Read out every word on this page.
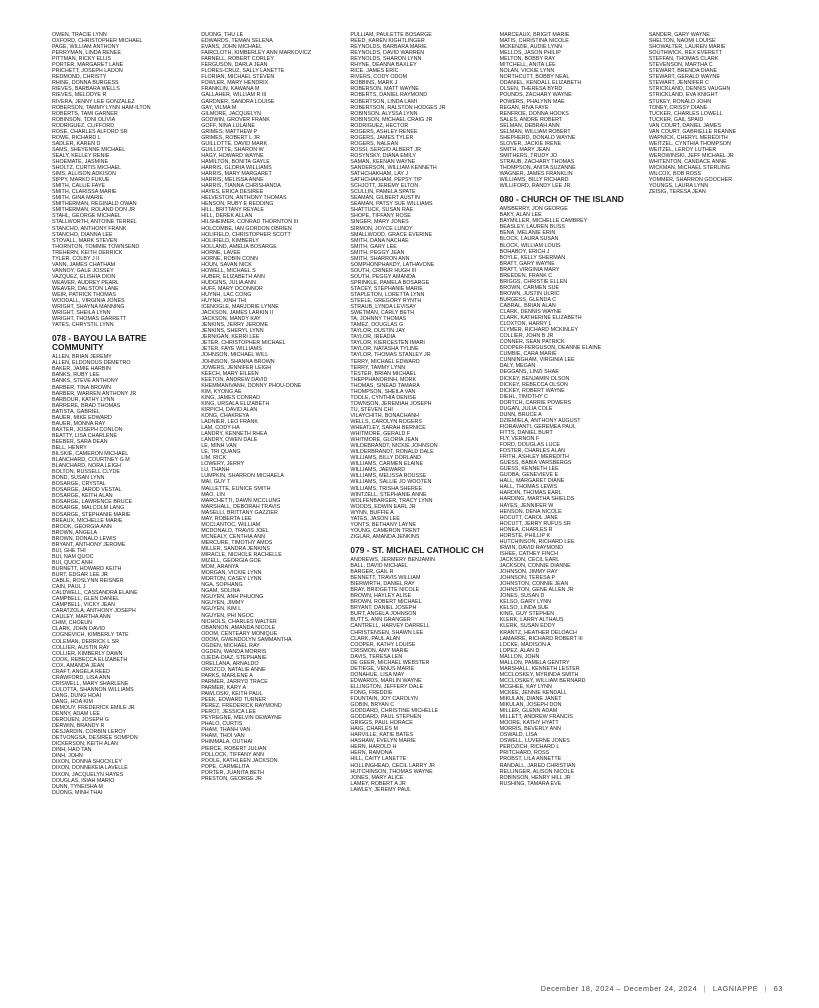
OWEN, TRACIE LYNN
OXFORD, CHRISTOPHER MICHAEL
PAGE, WILLIAM ANTHONY
PERRYMAN, LINDA RENEE
PITTMAN, RICKY ELLIS
PORTER, MARGARET LANE
PRICHETT, JOSEPH LADON
REDMOND, CHRISTY
RHINE, DONNA BURGESS
RIEVES, BARBARA WELLS
RIEVES, MELODYE R
RIVERA, JENNY LEE GONZALEZ
ROBERSON, TAMMY LYNN HAM-ILTON
ROBERTS, TAMI GARNER
ROBINSON, TONI OLIVIA
RODRIGUEZ, CLIFFORD
ROSE, CHARLES ALFORD SR
ROWE, RICHARD L
SADLER, KAREN D
SAMS, SHEYENNE MICHAEL
SEALY, KELLEY RENIE
SHOEMATE, JASMINE
SHOLTZ, CURTIS MICHAEL
SIMS, ALLISON ADKISON
SIPPY, MARKO FUKUE
SMITH, CALLIE FAYE
SMITH, CLARISSA MARIE
SMITH, GINA MARIE
SMITHERMAN, REGINALD OWAN
SMITHERMAN, ROLAND DON JR
STAHL, GEORGE MICHAEL
STALLWORTH, ANTOINE TERREL
STANCHO, ANTHONY FRANK
STANCHO, DIANNA LEE
STOVALL, MARK STEVEN
THORNTON, TOMMIE TOWNSEND
TREHERN, KEITH DERRICK
TYLER, COLBY J II
VANN, JAMES CHATHAM
VANNOY, GALE JOSSEY
VAZQUEZ, ELISHIA DION
WEAVER, AUDREY PEARL
WEAVER, DALSTON LANE
WEIR, PATRICK THOMAS
WOODALL, VIRGINIA JONES
WRIGHT, SHAYNA MANNING
WRIGHT, SHEILA LYNN
WRIGHT, THOMAS GARRETT
YATES, CHRYSTIL LYNN
078 - BAYOU LA BATRE COMMUNITY
ALLEN, BRIAN JEREMY
ALLEN, ELDONOUS DEMETRO
BAKER, JAMIE HARBIN
BANKS, RUBY LEE
BANKS, STEVE ANTHONY
BARBER, TINA BROWN
BARBER, WARREN ANTHONY JR
BARBOUR, KATHY LYNN
BARRERE, BRAD THOMAS
BATISTA, GABRIEL
BAUER, MIKE EDWARD
BAUER, MONNA RAY
BAXTER, JOSEPH CONLON
BEATTY, LISA CHARLENE
BEEBER, SARA DEAN
BELL, HENRY
BILSKIE, CAMERON MICHAEL
BLANCHARD, COURTNEY G M
BLANCHARD, NORA LEIGH
BOLTON, RUSSELL CLYDE
BOND, SUSAN LYNN
BOSARGE, CRYSTAL
BOSARGE, JAROD VESTAL
BOSARGE, KEITH ALAN
BOSARGE, LAWRENCE BRUCE
BOSARGE, MALCOLM LANG
BOSARGE, STEPHANIE MARIE
BREAUX, MICHELLE MARIE
BROOK, GEORGIA ANN
BROWN, ANGELA
BROWN, DONALD LEWIS
BRYANT, ANTHONY JEROME
BUI, GHE THI
BUI, NAM QUOC
BUI, QUOC ANH
BURNETT, HOWARD KEITH
BURT, EDGAR LEE JR
CABLE, ROSLYNN REISNER
CAIN, PAUL J
CALDWELL, CASSANDRA ELAINE
CAMPBELL, GLEN DANIEL
CAMPBELL, VICKY JEAN
CARATZOLA, ANTHONY JOSEPH
CAULEY, MARTHA ANN
CHIM, CHOEUN
CLARK, JOHN DAVID
COGNEVICH, KIMBERLY TATE
COLEMAN, DERRICK L SR
COLLIER, AUSTIN RAY
COLLIER, KIMBERLY DAWN
COOK, REBECCA ELIZABETH
COX, AMANDA JEAN
CRAFT, ANGELA REED
CRAWFORD, LISA ANN
CRISWELL, MARY SHARLENE
CULOTTA, SHANNON WILLIAMS
DANG, DUNG HOAI
DANG, HOA KIM
DEMOUY, FREDERICK EMILE JR
DENNY, ADAM LEE
DEROUEN, JOSEPH G
DERWIN, BRANDY R
DESJARDIN, CORBIN LEROY
DETVONGSA, DESIREE SOMPON
DICKERSON, KEITH ALAN
DINH, HAO TAN
DINH, JOHN
DIXON, DONNA SHOCKLEY
DIXON, DONNEKEIA LAVELLE
DIXON, JACQUELYN HAYES
DOUGLAS, ISIAH MARIO
DUNN, TYNEISHA M
DUONG, MINH THAI
DUONG, THU LE
EDWARDS, TEMAN SELENA
EVANS, JOHN MICHAEL
FAIRCLOTH, KIMBERLEY ANN MARKOVICZ
FARNELL, ROBERT CORLEY
FERGUSON, DARLA JEAN
FLORES-CRUZ, SALLY LANETTE
FLORIAN, MICHAEL STEVEN
FOWLER, MARY HENDRIX
FRANKLIN, KAWANA M
GALLAHER, WILLIAM R III
GARDNER, SANDRA LOUISE
GAY, VILMA M
GILMORE, JACQUELYN
GODWIN, GROVER FRANK
GOFF, NINA LULAINE
GRIMES, MATTHEW P
GRIMES, ROBERT L JR
GUILLOTTE, DAVID MARK
GUILLOTTE, SHARON W
HAGY, HOWARD WAYNE
HAMILTON, BONITA GAYLE
HARRIS, GLORIA WILLIAMS
HARRIS, MARY MARGARET
HARRIS, MELISSA ANNE
HARRIS, TIANNA CHRISHANDA
HAYES, ERICA DESIREE
HELVESTON, ANTHONY THOMAS
HENSON, RUBY E REDDING
HILL, BRITTANY REYALE
HILL, DEREK ALLAN
HILSHEIMER, CONRAD THORNTON III
HOLCOMBE, IAN GORDON OBRIEN
HOLIFIELD, CHRISTOPHER SCOTT
HOLIFIELD, KIMBERLY
HOLLAND, AMELIA BOSARGE
HORNE, LAVEE
HORNE, ROBIN CONN
HOUN, SAVAN NICK
HOWELL, MICHAEL S
HUBER, ELIZABETH ANN
HUDGINS, JULIA ANN
HUFF, MARY OCONNOR
HUYNH, LAC CONG
HUYNH, XINH THI
ICENOGLE, MARJORIE LYNNE
JACKSON, JAMES LARKIN II
JACKSON, MANDY KAY
JENKINS, JERRY JEROME
JENKINS, SHERYL LYNN
JERNIGAN, KERRI LEE
JETER, CHRISTOPHER MICHAEL
JETER, FAYE WILLIAMS
JOHNSON, MICHAEL WILL
JOHNSON, SHANNA BROWN
JOWERS, JENNIFER LEIGH
KEECH, MARY EILEEN
KEETON, ANDREW DAVID
KHEMMANIVANH, DONNY PHOU-DONE
KIM, KYONG AE
KING, JAMES CONRAD
KING, URSALA ELIZABETH
KIRPICH, DAVID ALAN
KONG, CHAKREYA
LADNIER, LEO FRANK
LAM, CODY HA
LANDRY, KENNETH RHEA
LANDRY, OWEN DALE
LE, MINH VAN
LE, TRI QUANG
LIM, RICK
LOWERY, JERRY
LU, THANH
LUMPKIN, SHARRON MICHAELA
MAI, GUY T
MALLETTE, EUNICE SMITH
MAO, LIN
MARCHETTI, DAWN MCCLUNG
MARSHALL, DEBORAH TRAVIS
MASELLI, BRITTANY GAZZIER
MAY, ROBERTA LEE
MCCLANTOC, WILLIAM
MCDONALD, TRAVIS JOEL
MCNEALY, CENTHIA ANN
MERCURE, TIMOTHY AMOS
MILLER, SANDRA JENKINS
MIRACLE, NICHOLE RACHELLE
MIZELL, GEORGIA GOE
MOM, ARANYA
MORGAN, VICKIE LYNN
MORTON, CASEY LYNN
NGA, SOPHANG
NGAM, SOLINA
NGUYEN, ANH PHUONG
NGUYEN, JIMMY
NGUYEN, KIM L
NGUYEN, PHI NGOC
NICHOLS, CHARLES WALTER
OBANNON, AMANDA NICOLE
ODOM, CENTEARY MONIQUE
ODOM, GWENDOLYN SAMMANTHA
OGDEN, MICHAEL RAY
OGDEN, WANDA MORRIS
OJEDA-DIAZ, STEPHANIE
ORELLANA, ARNALDO
OROZCO, NATALIE ANNE
PARKS, MARLENE A
PARMER, JARRYD TRACE
PARMER, KARY A
PAWLOSKI, KEITH PAUL
PEEK, EDWARD TURNER
PEREZ, FREDERICK RAYMOND
PEROT, JESSICA LEE
PEYREGNE, MELVIN DEWAYNE
PHALO, CURTIS
PHAM, THANH VAN
PHAM, THOI VAN
PHIMMALA, OUTHAI
PIERCE, ROBERT JULIAN
POLLOCK, TIFFANY ANN
POOLE, KATHLEEN JACKSON
POPE, CARMELITA
PORTER, JUANITA BETH
PRESTON, GEORGE JR
PULLIAM, PAULETTE BOSARGE
REED, KAREN KIGHTLINGER
REYNOLDS, BARBARA MARIE
REYNOLDS, DAVID WARREN
REYNOLDS, SHARON LYNN
RHYNE, DEANNA BAXLEY
RICE, JAMES ERIC
RIVERS, CODY ODOM
ROBBINS, MARK J
ROBERSON, MATT WAYNE
ROBERTS, DANIEL RAYMOND
ROBERTSON, LINDA LAMI
ROBERTSON, RALSTON HODGES JR
ROBINSON, ALYSSA LYNN
ROBINSON, MICHAEL CRAIG JR
RODRIGUEZ, HECTOR
ROGERS, ASHLEY RENEE
ROGERS, JAMES TYLER
ROGERS, NALEAN
ROSSI, SERGIO ALBERT JR
ROSYNSKY, DIANA EMILY
SAMAN, KEENAN WAYNE
SANDERSON, WILLIAM KENNETH
SATHCHAKHAM, LAY J
SATHCHAKHAM, PEPSY TIP
SCHJOTT, JEREMY ELTON
SCULLIN, PAMELA SPATE
SEAMAN, GILBERT AUSTIN
SEAMAN, PATSY SUE WILLIAMS
SHATTUCK, SUSAN RAE
SHOPE, TIFFANY ROSE
SINGER, MARY JONES
SIRMON, JOYCE LUNDY
SMALLWOOD, GRACE EVERINE
SMITH, DANA NACHAE
SMITH, GARY LEE
SMITH, PEGGY JEAN
SMITH, SHARRON ANN
SOMPHONPHAKDY, LATHAVONE
SOUTH, CRINER HUGH III
SOUTH, PEGGY AMANDA
SPRINKLE, PAMELA BOSARGE
STACEY, STEPHANIE MARIE
STAPLETON, LORETTA LYNN
STEELE, GREGORY RYNTH
STRAUB, LYNDA LEVISAY
SWETMAN, CARLY BETH
TA, JOHNNY THOMAS
TAMEZ, DOUGLAS G
TAYLOR, DUSTIN JAY
TAYLOR, IREADIA
TAYLOR, KIERCESTEN IMARI
TAYLOR, NATASHA TYLINE
TAYLOR, THOMAS STANLEY JR
TERRY, MICHAEL EDWARD
TERRY, TAMMY LYNN
TESTER, BRIAN MICHAEL
THEPPHANORINH, MORK
THOMAS, SINEAD TAMARA
THOMPSON, SHEILA VAN
TOOLE, CYNTHIA DENISE
TOWNSON, JEREMIAH JOSEPH
TU, STEVEN CHI
VILAYCHITH, BONACHANH
WELLS, CAROLYN ROGERS
WHEATLEY, SARAH BERNICE
WHITMORE, GERALD F
WHITMORE, GLORIA JEAN
WILDEBRANDT, NICKIE JOHNSON
WILDERBRANDT, RONALD DALE
WILLIAMS, BILLY DORLAND
WILLIAMS, CARMEN ELAINE
WILLIAMS, JAEWARD
WILLIAMS, MELISSA ROUSSE
WILLIAMS, SALLIE JO WOOTEN
WILLIAMS, TRISHA SHEREE
WINTZELL, STEPHANIE ANNE
WOLFENBARGER, TRACY LYNN
WOODS, EDWIN EARL JR
WYNN, BUFFIE A
YATES, JASON LEE
YONTS, BETHANY LAYNE
YOUNG, CAMERON TRENT
ZIGLAR, AMANDA JENKINS
079 - ST. MICHAEL CATHOLIC CH
ANDREWS, JERMERY BENJAMIN
BALL, DAVID MICHAEL
BARGER, GAIL R
BENNETT, TRAVIS WILLIAM
BIERWIRTH, DANIEL RAY
BRAY, BRIDGETTE NICOLE
BROWN, HAYLEY ALISE
BROWN, ROBERT MICHAEL
BRYANT, DANIEL JOSEPH
BURT, ANGELA JOHNSON
BUTTS, ANN GRANGER
CANTRELL, HARVEY DARRELL
CHRISTENSEN, SHAWN LEE
CLARK, PAUL ALAN
COOPER, KATHY LOUISE
CRISMON, AMY MARIE
DAVIS, TERESA LEN
DE GEER, MICHAEL WEBSTER
DETIEGE, VENUS MARIE
DONAHUE, LISA MAY
EDWARDS, MARLIN WAYNE
ELLINGTON, JEFFERY DALE
FONG, FREDDIE
FOUNTAIN, JOY CAROLYN
GOBIN, BRYAN C
GODDARD, CHRISTINE MICHELLE
GODDARD, PAUL STEPHEN
GRIGGS, PAUL HORACE
HAIG, CHARLES M
HARVILLE, KATIE BATES
HASHAW, EVELYN MARIE
HERN, HAROLD H
HERN, RAMONA
HILL, CAITY LANETTE
HOLLINGHEAD, CECIL LARRY JR
HUTCHINSON, THOMAS WAYNE
JONES, MARY ALICE
LAMEY, ROBERT A JR
LAWLEY, JEREMY PAUL
MARCEAUX, BRIGIT MARIE
MATIS, CHRISTINA NICOLE
MCKENZIE, AUDIE LYNN
MELLOS, JASON PHILIP
MELTON, BOBBY RAY
MITCHELL, ANITA LEE
NOLAN, VICKIE LYNN
NORTHCUTT, BOBBY NEAL
ODANIEL, KENDALL ELIZABETH
OLSEN, THERESA BYRD
POUNDS, ZACHARY WAYNE
POWERS, PHALYNN MAE
REGAN, RIVA FAYE
RENFROE, DONNA HOOKS
SALES, ANDRE ROBERT
SELMAN, DEBRAH ANN
SELMAN, WILLIAM ROBERT
SHEPHERD, DONALD WAYNE
SLOVER, JACKIE IRENE
SMITH, MARY JEAN
SMITHERS, TRUDY JO
STRAUB, ZACHARY THOMAS
THOMPSON, ANITA SUZANNE
WAGNER, JAMES FRANKLIN
WILLIAMS, BILLY RICHARD
WILLIFORD, RANDY LEE JR
080 - CHURCH OF THE ISLAND
AMSBERRY, JON GEORGE
BAKY, ALAN LEE
BAYMILLER, MICHELLE CAMBREY
BEASLEY, LAUREN BLISS
BENA, MELANIE ERIN
BLOCK, LAURA SUSAN
BLOCK, WILLIAM LOUIS
BOHABOY, ERICH J
BOYLE, KELLY SHERMAN
BRATT, GARY WAYNE
BRATT, VIRGINIA MARY
BREEDEN, FRANK C
BRIGGS, CHRISTIE ELLEN
BROWN, CARMEN SUE
BROWN, JUSTIN ULRIC
BURGESS, GLENDA C
CABRAL, BRIAN ALAN
CLARK, DENNIS WAYNE
CLARK, KATHERINE ELIZABETH
CLOXTON, HARRY L
CLYMER, RICHARD MCKINLEY
COLLIER, JOHN B JR
CONNER, SEAN PATRICK
COOPER-FERGUSON, DEANNE ELAINE
CUMBIE, CARA MARIE
CUNNINGHAM, VIRGINIA LEE
DALY, MEGAN
DEGGANS, LINZI SHAE
DICKEY, BENJAMIN OLSON
DICKEY, REBECCA OLSON
DICKEY, ROBERT WAYNE
DIEHL, TIMOTHY C
DORTCH, CARRIE POWERS
DUGAN, JULIA COLE
DUNN, BRUCE A
DZIEMIELA, ANTHONY AUGUST
FIORAVANTI, GEREMEA PAUL
FITTS, DANIEL BURT
FLY, VERNON F
FORD, DOUGLAS LUCE
FOSTER, CHARLES ALAN
FRITH, ASHLEY MEREDITH
GUESS, BABIA VARSBERGS
GUESS, KENNETH LEE
GUOBA, GENEVIEVE E
HALL, MARGARET DIANE
HALL, THOMAS LEWIS
HARDIN, THOMAS EARL
HARDING, MARTHA SHIELDS
HAYES, JENNIFER W
HENSON, DENA NICOLE
HOCUTT, CAROL JANE
HOCUTT, JERRY RUFUS SR
HONEA, CHARLES R
HORSTE, PHILLIP K
HUTCHINSON, RICHARD LEE
IRWIN, DAVID RAYMOND
ISHEE, CATHEY FINCH
JACKSON, CECIL EARL
JACKSON, CONNIE DIANNE
JOHNSON, JIMMY RAY
JOHNSON, TERESA P
JOHNSTON, CONNIE JEAN
JOHNSTON, GENE ALLEN JR
JONES, SUSAN D
KELSO, GARY LYNN
KELSO, LINDA SUE
KING, GUY STEPHEN
KLERK, LARRY ALTHAUS
KLERK, SUSAN EDDY
KRANTZ, HEATHER DELOACH
LAMARRE, RICHARD ROBERT III
LOCKE, MADISON A
LOPEZ, ALAN D
MALLON, JOHN
MALLON, PAMELA GENTRY
MARSHALL, KENNETH LESTER
MCCLOSKEY, MYRINDA SMITH
MCCLOSKEY, WILLIAM BERNARD
MCGHEE, KAY LYNN
MCKEE, JENNIE KENDALL
MIKULAN, DIANE JANET
MIKULAN, JOSEPH DON
MILLER, GLENN ADAM
MILLETT, ANDREW FRANCIS
MOORE, KATHY HYATT
MORRIS, BEVERLY ANN
OSWALD, LISA
OSWELL, LUVERNE JONES
PEROZICH, RICHARD L
PRITCHARD, ROSS
PROBST, LILA ANNETTE
RANDALL, JARED CHRISTIAN
RELLINGER, ALISON NICOLE
ROBINSON, HENRY HILL JR
RUSHING, TAMARA EVE
SANDER, GARY WAYNE
SHELTON, NAOMI LOUISE
SHOWALTER, LAUREN MARIE
SOUTHWICK, REX EVERETT
STEFFAN, THOMAS CLARK
STEVENSON, MARTHA C
STEWART, BRENDA DIANE
STEWART, GERALD WAYNE
STEWART, JENNIFER C
STRICKLAND, DENNIS VAUGHN
STRICKLAND, EVA KNIGHT
STUKEY, RONALD JOHN
TONEY, CRISSY DIANE
TUCKER, CHARLES LOWELL
TUCKER, GAIL SPAID
VAN COURT, DANIEL JAMES
VAN COURT, GABRIELLE REANNE
WAPNICK, CHERYL MEREDITH
WEITZEL, CYNTHIA THOMPSON
WEITZEL, LEROY LUTHER
WEROWINSKI, JEFF MICHAEL JR
WHITENTON, CANDACE ANNE
WICKMAN, MICHAEL STERLING
WILCOX, BOB ROSS
YOMMER, SHARRON GOOCHER
YOUNGS, LAURA LYNN
ZEISIG, TERESA JEAN
December 18, 2024 – December 24, 2024 | LAGNIAPPE | 63
